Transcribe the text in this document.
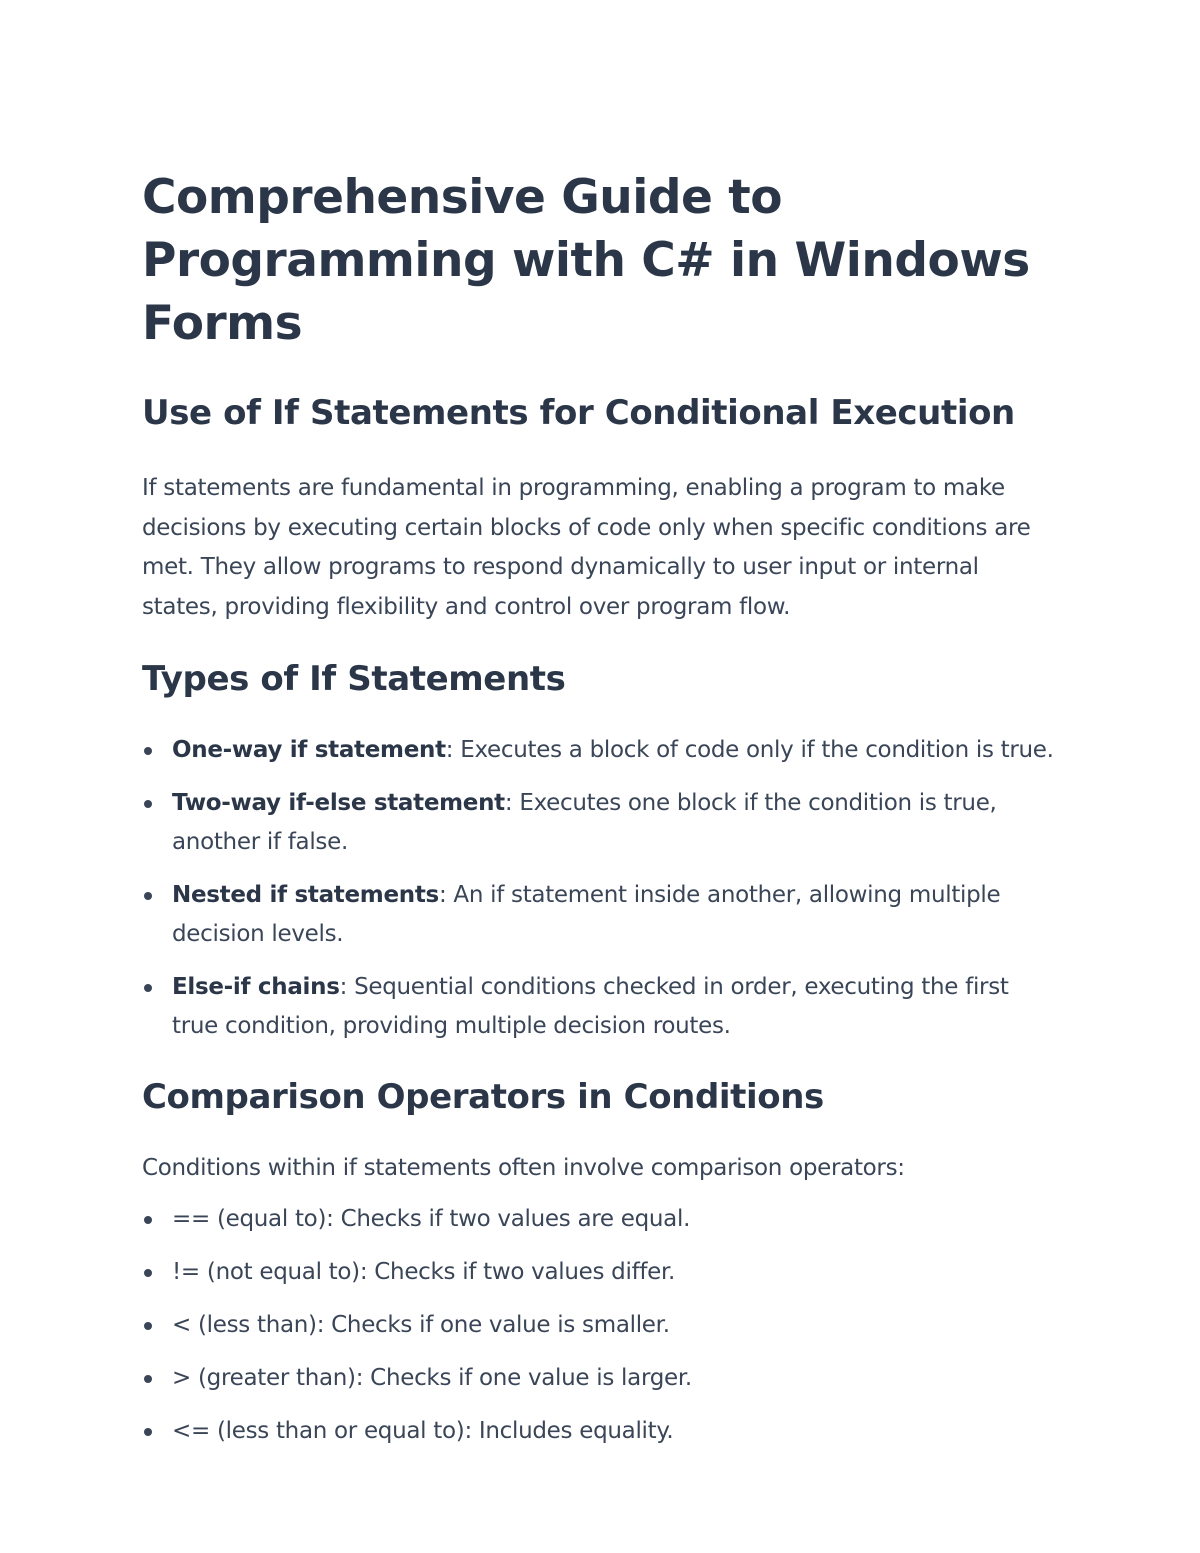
Comprehensive Guide to Programming with C# in Windows Forms
Use of If Statements for Conditional Execution

If statements are fundamental in programming, enabling a program to make decisions by executing certain blocks of code only when specific conditions are met. They allow programs to respond dynamically to user input or internal states, providing flexibility and control over program flow.

Types of If Statements
One-way if statement: Executes a block of code only if the condition is true.
Two-way if-else statement: Executes one block if the condition is true, another if false.
Nested if statements: An if statement inside another, allowing multiple decision levels.
Else-if chains: Sequential conditions checked in order, executing the first true condition, providing multiple decision routes.
Comparison Operators in Conditions

Conditions within if statements often involve comparison operators:

== (equal to): Checks if two values are equal.
!= (not equal to): Checks if two values differ.
< (less than): Checks if one value is smaller.
> (greater than): Checks if one value is larger.
<= (less than or equal to): Includes equality.
